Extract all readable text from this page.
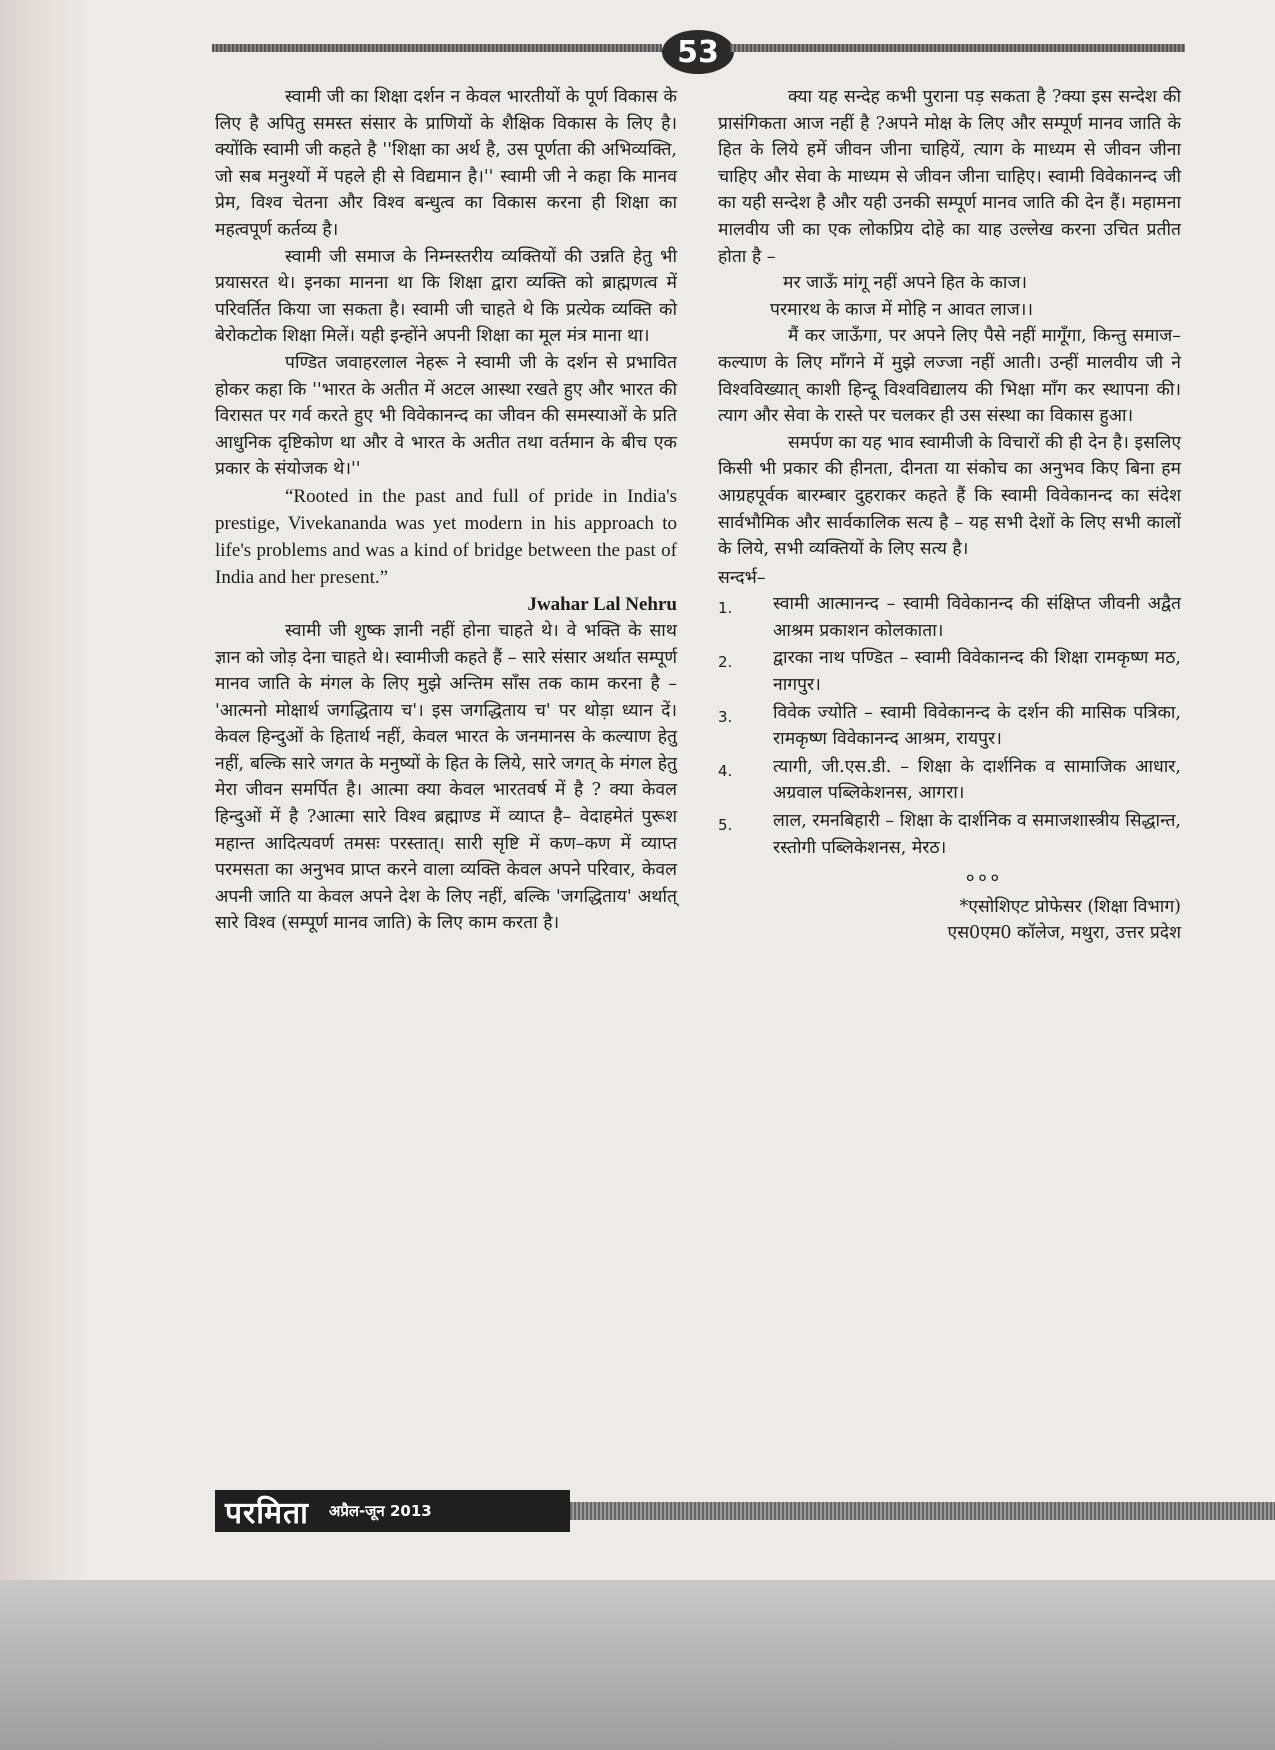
53

स्वामी जी का शिक्षा दर्शन न केवल भारतीयों के पूर्ण विकास के लिए है अपितु समस्त संसार के प्राणियों के शैक्षिक विकास के लिए है। क्योंकि स्वामी जी कहते है ''शिक्षा का अर्थ है, उस पूर्णता की अभिव्यक्ति, जो सब मनुश्यों में पहले ही से विद्यमान है।'' स्वामी जी ने कहा कि मानव प्रेम, विश्व चेतना और विश्व बन्धुत्व का विकास करना ही शिक्षा का महत्वपूर्ण कर्तव्य है।

स्वामी जी समाज के निम्नस्तरीय व्यक्तियों की उन्नति हेतु भी प्रयासरत थे। इनका मानना था कि शिक्षा द्वारा व्यक्ति को ब्राह्मणत्व में परिवर्तित किया जा सकता है। स्वामी जी चाहते थे कि प्रत्येक व्यक्ति को बेरोकटोक शिक्षा मिलें। यही इन्होंने अपनी शिक्षा का मूल मंत्र माना था।

पण्डित जवाहरलाल नेहरू ने स्वामी जी के दर्शन से प्रभावित होकर कहा कि ''भारत के अतीत में अटल आस्था रखते हुए और भारत की विरासत पर गर्व करते हुए भी विवेकानन्द का जीवन की समस्याओं के प्रति आधुनिक दृष्टिकोण था और वे भारत के अतीत तथा वर्तमान के बीच एक प्रकार के संयोजक थे।''

“Rooted in the past and full of pride in India's prestige, Vivekananda was yet modern in his approach to life's problems and was a kind of bridge between the past of India and her present.”

Jwahar Lal Nehru

स्वामी जी शुष्क ज्ञानी नहीं होना चाहते थे। वे भक्ति के साथ ज्ञान को जोड़ देना चाहते थे। स्वामीजी कहते हैं – सारे संसार अर्थात सम्पूर्ण मानव जाति के मंगल के लिए मुझे अन्तिम साँस तक काम करना है – 'आत्मनो मोक्षार्थ जगद्धिताय च'। इस जगद्धिताय च' पर थोड़ा ध्यान दें। केवल हिन्दुओं के हितार्थ नहीं, केवल भारत के जनमानस के कल्याण हेतु नहीं, बल्कि सारे जगत के मनुष्यों के हित के लिये, सारे जगत् के मंगल हेतु मेरा जीवन समर्पित है। आत्मा क्या केवल भारतवर्ष में है ? क्या केवल हिन्दुओं में है ?आत्मा सारे विश्व ब्रह्माण्ड में व्याप्त है– वेदाहमेतं पुरूश महान्त आदित्यवर्ण तमसः परस्तात्। सारी सृष्टि में कण–कण में व्याप्त परमसता का अनुभव प्राप्त करने वाला व्यक्ति केवल अपने परिवार, केवल अपनी जाति या केवल अपने देश के लिए नहीं, बल्कि 'जगद्धिताय' अर्थात् सारे विश्व (सम्पूर्ण मानव जाति) के लिए काम करता है।

क्या यह सन्देह कभी पुराना पड़ सकता है ?क्या इस सन्देश की प्रासंगिकता आज नहीं है ?अपने मोक्ष के लिए और सम्पूर्ण मानव जाति के हित के लिये हमें जीवन जीना चाहियें, त्याग के माध्यम से जीवन जीना चाहिए और सेवा के माध्यम से जीवन जीना चाहिए। स्वामी विवेकानन्द जी का यही सन्देश है और यही उनकी सम्पूर्ण मानव जाति की देन हैं। महामना मालवीय जी का एक लोकप्रिय दोहे का याह उल्लेख करना उचित प्रतीत होता है –

मर जाऊँ मांगू नहीं अपने हित के काज।
परमारथ के काज में मोहि न आवत लाज।।

मैं कर जाऊँगा, पर अपने लिए पैसे नहीं मागूँगा, किन्तु समाज–कल्याण के लिए माँगने में मुझे लज्जा नहीं आती। उन्हीं मालवीय जी ने विश्वविख्यात् काशी हिन्दू विश्वविद्यालय की भिक्षा माँग कर स्थापना की। त्याग और सेवा के रास्ते पर चलकर ही उस संस्था का विकास हुआ।

समर्पण का यह भाव स्वामीजी के विचारों की ही देन है। इसलिए किसी भी प्रकार की हीनता, दीनता या संकोच का अनुभव किए बिना हम आग्रहपूर्वक बारम्बार दुहराकर कहते हैं कि स्वामी विवेकानन्द का संदेश सार्वभौमिक और सार्वकालिक सत्य है – यह सभी देशों के लिए सभी कालों के लिये, सभी व्यक्तियों के लिए सत्य है।

सन्दर्भ–

1.	स्वामी आत्मानन्द – स्वामी विवेकानन्द की संक्षिप्त जीवनी अद्वैत आश्रम प्रकाशन कोलकाता।
2.	द्वारका नाथ पण्डित – स्वामी विवेकानन्द की शिक्षा रामकृष्ण मठ, नागपुर।
3.	विवेक ज्योति – स्वामी विवेकानन्द के दर्शन की मासिक पत्रिका, रामकृष्ण विवेकानन्द आश्रम, रायपुर।
4.	त्यागी, जी.एस.डी. – शिक्षा के दार्शनिक व सामाजिक आधार, अग्रवाल पब्लिकेशनस, आगरा।
5.	लाल, रमनबिहारी – शिक्षा के दार्शनिक व समाजशास्त्रीय सिद्धान्त, रस्तोगी पब्लिकेशनस, मेरठ।
०००
*एसोशिएट प्रोफेसर (शिक्षा विभाग)
एस0एम0 कॉलेज, मथुरा, उत्तर प्रदेश
परमिता अप्रैल-जून 2013
